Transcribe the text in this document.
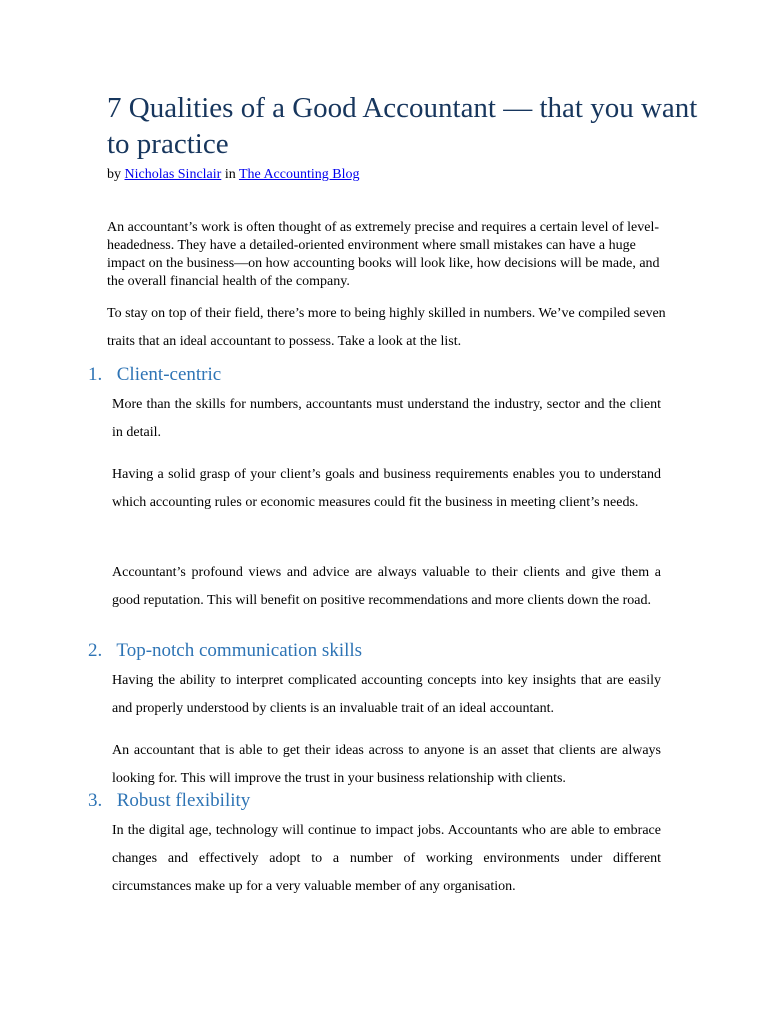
7 Qualities of a Good Accountant — that you want to practice
by Nicholas Sinclair in The Accounting Blog

An accountant’s work is often thought of as extremely precise and requires a certain level of level-headedness. They have a detailed-oriented environment where small mistakes can have a huge impact on the business—on how accounting books will look like, how decisions will be made, and the overall financial health of the company.

To stay on top of their field, there’s more to being highly skilled in numbers. We’ve compiled seven traits that an ideal accountant to possess. Take a look at the list.

1. Client-centric

More than the skills for numbers, accountants must understand the industry, sector and the client in detail.

Having a solid grasp of your client’s goals and business requirements enables you to understand which accounting rules or economic measures could fit the business in meeting client’s needs.

Accountant’s profound views and advice are always valuable to their clients and give them a good reputation. This will benefit on positive recommendations and more clients down the road.

2. Top-notch communication skills

Having the ability to interpret complicated accounting concepts into key insights that are easily and properly understood by clients is an invaluable trait of an ideal accountant.

An accountant that is able to get their ideas across to anyone is an asset that clients are always looking for. This will improve the trust in your business relationship with clients.

3. Robust flexibility

In the digital age, technology will continue to impact jobs. Accountants who are able to embrace changes and effectively adopt to a number of working environments under different circumstances make up for a very valuable member of any organisation.
